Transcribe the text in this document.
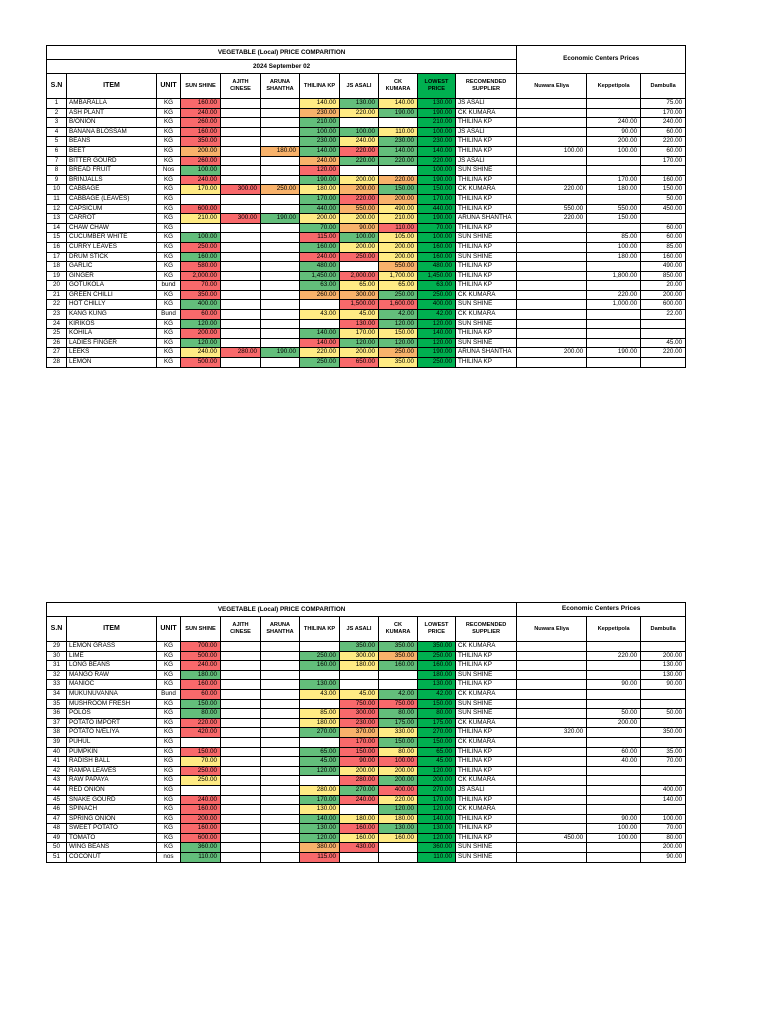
VEGETABLE (Local) PRICE COMPARITION											Economic Centers Prices		
2024 September 02													
S.N	ITEM	UNIT	SUN SHINE	AJITH CINESE	ARUNA SHANTHA	THILINA KP	JS ASALI	CK KUMARA	LOWEST PRICE	RECOMENDED SUPPLIER	Nuwara Eliya	Keppetipola	Dambulla
1	AMBARALLA	KG	160.00			140.00	130.00	140.00	130.00	JS ASALI			75.00
2	ASH PLANT	KG	240.00			230.00	220.00	190.00	190.00	CK KUMARA			170.00
3	B/ONION	KG	260.00			210.00			210.00	THILINA KP		240.00	240.00
4	BANANA BLOSSAM	KG	160.00			100.00	100.00	110.00	100.00	JS ASALI		90.00	60.00
5	BEANS	KG	350.00			230.00	240.00	230.00	230.00	THILINA KP		200.00	220.00
6	BEET	KG	200.00		180.00	140.00	220.00	140.00	140.00	THILINA KP	100.00	100.00	60.00
7	BITTER GOURD	KG	260.00			240.00	220.00	220.00	220.00	JS ASALI			170.00
8	BREAD FRUIT	Nos	100.00			120.00			100.00	SUN SHINE			
9	BRINJALLS	KG	240.00			190.00	200.00	220.00	190.00	THILINA KP		170.00	160.00
10	CABBAGE	KG	170.00	300.00	250.00	180.00	200.00	150.00	150.00	CK KUMARA	220.00	180.00	150.00
11	CABBAGE (LEAVES)	KG				170.00	220.00	200.00	170.00	THILINA KP			50.00
12	CAPSICUM	KG	600.00			440.00	550.00	490.00	440.00	THILINA KP	550.00	550.00	450.00
13	CARROT	KG	210.00	300.00	190.00	200.00	200.00	210.00	190.00	ARUNA SHANTHA	220.00	150.00	
14	CHAW CHAW	KG				70.00	90.00	110.00	70.00	THILINA KP			60.00
15	CUCUMBER WHITE	KG	100.00			115.00	100.00	105.00	100.00	SUN SHINE		85.00	60.00
16	CURRY LEAVES	KG	250.00			160.00	200.00	200.00	160.00	THILINA KP		100.00	85.00
17	DRUM STICK	KG	160.00			240.00	250.00	200.00	160.00	SUN SHINE		180.00	160.00
18	GARLIC	KG	580.00			480.00		550.00	480.00	THILINA KP			490.00
19	GINGER	KG	2,000.00			1,450.00	2,000.00	1,700.00	1,450.00	THILINA KP		1,800.00	850.00
20	GOTUKOLA	bund	70.00			63.00	65.00	65.00	63.00	THILINA KP			20.00
21	GREEN CHILLI	KG	350.00			260.00	300.00	250.00	250.00	CK KUMARA		220.00	200.00
22	HOT CHILLY	KG	400.00				1,500.00	1,600.00	400.00	SUN SHINE		1,000.00	600.00
23	KANG KUNG	Bund	60.00			43.00	45.00	42.00	42.00	CK KUMARA			22.00
24	KIRIKOS	KG	120.00				130.00	120.00	120.00	SUN SHINE			
25	KOHILA	KG	200.00			140.00	170.00	150.00	140.00	THILINA KP			
26	LADIES FINGER	KG	120.00			140.00	120.00	120.00	120.00	SUN SHINE			45.00
27	LEEKS	KG	240.00	280.00	190.00	220.00	200.00	250.00	190.00	ARUNA SHANTHA	200.00	190.00	220.00
28	LEMON	KG	500.00			250.00	650.00	350.00	250.00	THILINA KP			
VEGETABLE (Local) PRICE COMPARITION											Economic Centers Prices		
S.N	ITEM	UNIT	SUN SHINE	AJITH CINESE	ARUNA SHANTHA	THILINA KP	JS ASALI	CK KUMARA	LOWEST PRICE	RECOMENDED SUPPLIER	Nuwara Eliya	Keppetipola	Dambulla
29	LEMON GRASS	KG	700.00				350.00	350.00	350.00	CK KUMARA			
30	LIME	KG	500.00			250.00	300.00	350.00	250.00	THILINA KP		220.00	200.00
31	LONG BEANS	KG	240.00			160.00	180.00	160.00	160.00	THILINA KP			130.00
32	MANGO RAW	KG	180.00						180.00	SUN SHINE			130.00
33	MANIOC	KG	160.00			130.00			130.00	THILINA KP		90.00	90.00
34	MUKUNUVANNA	Bund	60.00			43.00	45.00	42.00	42.00	CK KUMARA			
35	MUSHROOM FRESH	KG	150.00				750.00	750.00	150.00	SUN SHINE			
36	POLOS	KG	80.00			85.00	300.00	80.00	80.00	SUN SHINE		50.00	50.00
37	POTATO IMPORT	KG	220.00			180.00	230.00	175.00	175.00	CK KUMARA		200.00	
38	POTATO N/ELIYA	KG	420.00			270.00	370.00	330.00	270.00	THILINA KP	320.00		350.00
39	PUHUL	KG					170.00	150.00	150.00	CK KUMARA			
40	PUMPKIN	KG	150.00			65.00	150.00	80.00	65.00	THILINA KP		60.00	35.00
41	RADISH BALL	KG	70.00			45.00	90.00	100.00	45.00	THILINA KP		40.00	70.00
42	RAMPA LEAVES	KG	250.00			120.00	200.00	200.00	120.00	THILINA KP			
43	RAW PAPAYA	KG	250.00				280.00	200.00	200.00	CK KUMARA			
44	RED ONION	KG				280.00	270.00	400.00	270.00	JS ASALI			400.00
45	SNAKE GOURD	KG	240.00			170.00	240.00	220.00	170.00	THILINA KP			140.00
46	SPINACH	KG	160.00			130.00		120.00	120.00	CK KUMARA			
47	SPRING ONION	KG	200.00			140.00	180.00	180.00	140.00	THILINA KP		90.00	100.00
48	SWEET POTATO	KG	160.00			130.00	160.00	130.00	130.00	THILINA KP		100.00	70.00
49	TOMATO	KG	600.00			120.00	160.00	160.00	120.00	THILINA KP	450.00	100.00	80.00
50	WING BEANS	KG	360.00			380.00	430.00		360.00	SUN SHINE			200.00
51	COCONUT	nos	110.00			115.00			110.00	SUN SHINE			90.00
